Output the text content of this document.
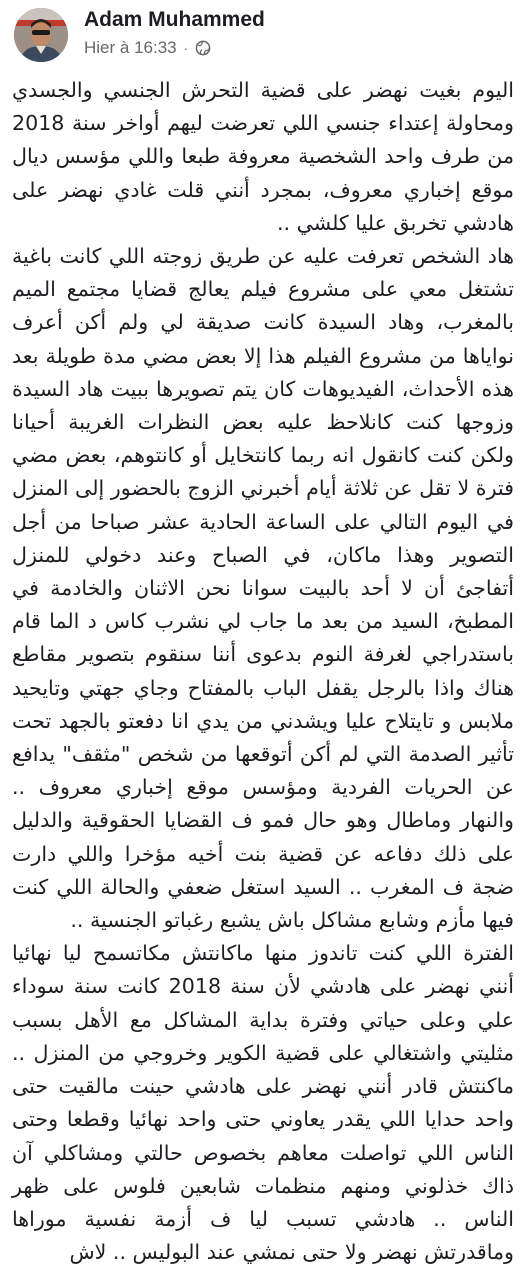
Adam Muhammed
Hier à 16:33 ·

اليوم بغيت نهضر على قضية التحرش الجنسي والجسدي ومحاولة إعتداء جنسي اللي تعرضت ليهم أواخر سنة 2018 من طرف واحد الشخصية معروفة طبعا واللي مؤسس ديال موقع إخباري معروف، بمجرد أنني قلت غادي نهضر على هادشي تخربق عليا كلشي ..

هاد الشخص تعرفت عليه عن طريق زوجته اللي كانت باغية تشتغل معي على مشروع فيلم يعالج قضايا مجتمع الميم بالمغرب، وهاد السيدة كانت صديقة لي ولم أكن أعرف نواياها من مشروع الفيلم هذا إلا بعض مضي مدة طويلة بعد هذه الأحداث، الفيديوهات كان يتم تصويرها ببيت هاد السيدة وزوجها كنت كانلاحظ عليه بعض النظرات الغريبة أحيانا ولكن كنت كانقول انه ربما كانتخايل أو كانتوهم، بعض مضي فترة لا تقل عن ثلاثة أيام أخبرني الزوج بالحضور إلى المنزل في اليوم التالي على الساعة الحادية عشر صباحا من أجل التصوير وهذا ماكان، في الصباح وعند دخولي للمنزل أتفاجئ أن لا أحد بالبيت سوانا نحن الاثنان والخادمة في المطبخ، السيد من بعد ما جاب لي نشرب كاس د الما قام باستدراجي لغرفة النوم بدعوى أننا سنقوم بتصوير مقاطع هناك واذا بالرجل يقفل الباب بالمفتاح وجاي جهتي وتايحيد ملابس و تايتلاح عليا ويشدني من يدي انا دفعتو بالجهد تحت تأثير الصدمة التي لم أكن أتوقعها من شخص "مثقف" يدافع عن الحريات الفردية ومؤسس موقع إخباري معروف .. والنهار وماطال وهو حال فمو ف القضايا الحقوقية والدليل على ذلك دفاعه عن قضية بنت أخيه مؤخرا واللي دارت ضجة ف المغرب .. السيد استغل ضعفي والحالة اللي كنت فيها مأزم وشابع مشاكل باش يشبع رغباتو الجنسية ..

الفترة اللي كنت تاندوز منها ماكانتش مكاتسمح ليا نهائيا أنني نهضر على هادشي لأن سنة 2018 كانت سنة سوداء علي وعلى حياتي وفترة بداية المشاكل مع الأهل بسبب مثليتي واشتغالي على قضية الكوير وخروجي من المنزل .. ماكنتش قادر أنني نهضر على هادشي حينت مالقيت حتى واحد حدايا اللي يقدر يعاوني حتى واحد نهائيا وقطعا وحتى الناس اللي تواصلت معاهم بخصوص حالتي ومشاكلي آن ذاك خذلوني ومنهم منظمات شابعين فلوس على ظهر الناس .. هادشي تسبب ليا ف أزمة نفسية موراها وماقدرتش نهضر ولا حتى نمشي عند البوليس .. لاش
